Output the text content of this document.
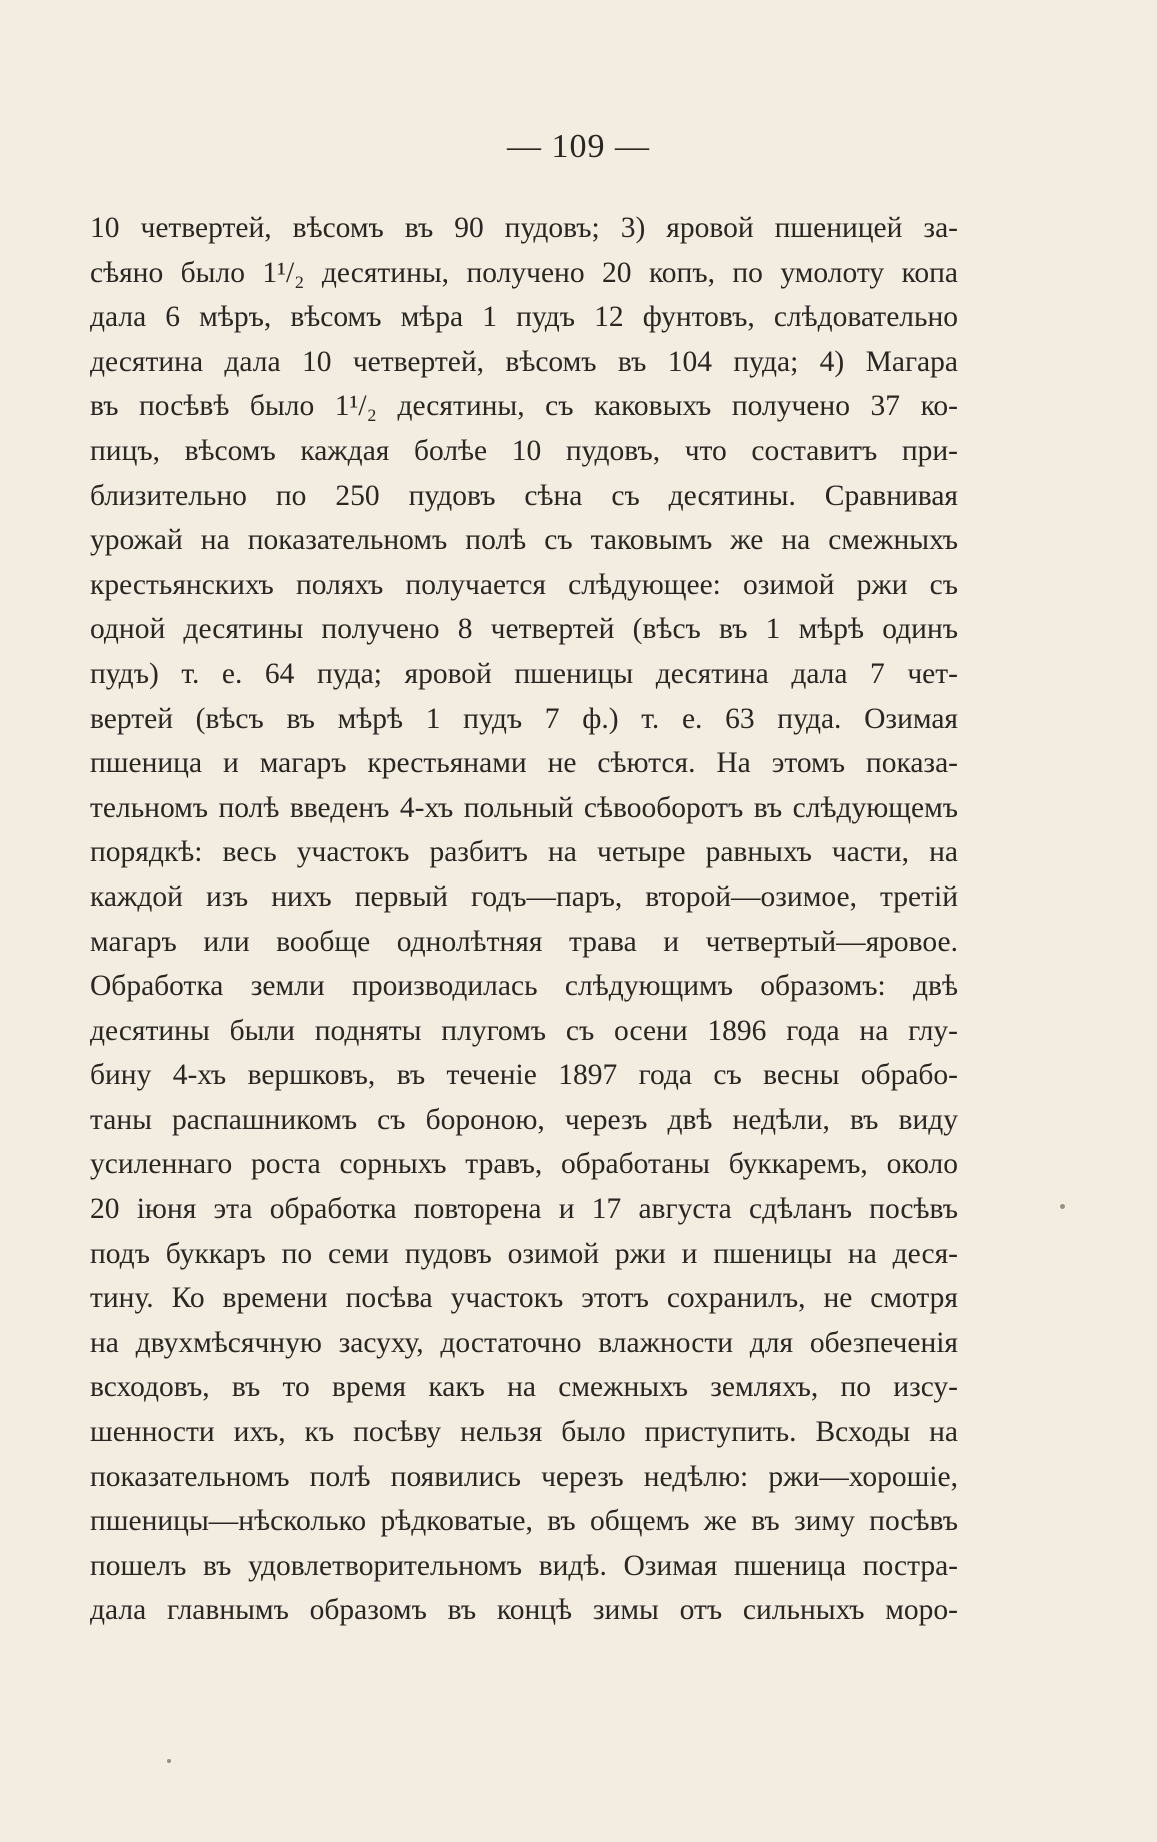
— 109 —
10 четвертей, вѣсомъ въ 90 пудовъ; 3) яровой пшеницей за-
сѣяно было 1¹/₂ десятины, получено 20 копъ, по умолоту копа
дала 6 мѣръ, вѣсомъ мѣра 1 пудъ 12 фунтовъ, слѣдовательно
десятина дала 10 четвертей, вѣсомъ въ 104 пуда; 4) Магара
въ посѣвѣ было 1¹/₂ десятины, съ каковыхъ получено 37 ко-
пицъ, вѣсомъ каждая болѣе 10 пудовъ, что составитъ при-
близительно по 250 пудовъ сѣна съ десятины. Сравнивая
урожай на показательномъ полѣ съ таковымъ же на смежныхъ
крестьянскихъ поляхъ получается слѣдующее: озимой ржи съ
одной десятины получено 8 четвертей (вѣсъ въ 1 мѣрѣ одинъ
пудъ) т. е. 64 пуда; яровой пшеницы десятина дала 7 чет-
вертей (вѣсъ въ мѣрѣ 1 пудъ 7 ф.) т. е. 63 пуда. Озимая
пшеница и магаръ крестьянами не сѣются. На этомъ показа-
тельномъ полѣ введенъ 4-хъ польный сѣвооборотъ въ слѣдующемъ
порядкѣ: весь участокъ разбитъ на четыре равныхъ части, на
каждой изъ нихъ первый годъ—паръ, второй—озимое, третій
магаръ или вообще однолѣтняя трава и четвертый—яровое.
Обработка земли производилась слѣдующимъ образомъ: двѣ
десятины были подняты плугомъ съ осени 1896 года на глу-
бину 4-хъ вершковъ, въ теченіе 1897 года съ весны обрабо-
таны распашникомъ съ бороною, черезъ двѣ недѣли, въ виду
усиленнаго роста сорныхъ травъ, обработаны буккаремъ, около
20 іюня эта обработка повторена и 17 августа сдѣланъ посѣвъ
подъ буккаръ по семи пудовъ озимой ржи и пшеницы на деся-
тину. Ко времени посѣва участокъ этотъ сохранилъ, не смотря
на двухмѣсячную засуху, достаточно влажности для обезпеченія
всходовъ, въ то время какъ на смежныхъ земляхъ, по изсу-
шенности ихъ, къ посѣву нельзя было приступить. Всходы на
показательномъ полѣ появились черезъ недѣлю: ржи—хорошіе,
пшеницы—нѣсколько рѣдковатые, въ общемъ же въ зиму посѣвъ
пошелъ въ удовлетворительномъ видѣ. Озимая пшеница постра-
дала главнымъ образомъ въ концѣ зимы отъ сильныхъ моро-
